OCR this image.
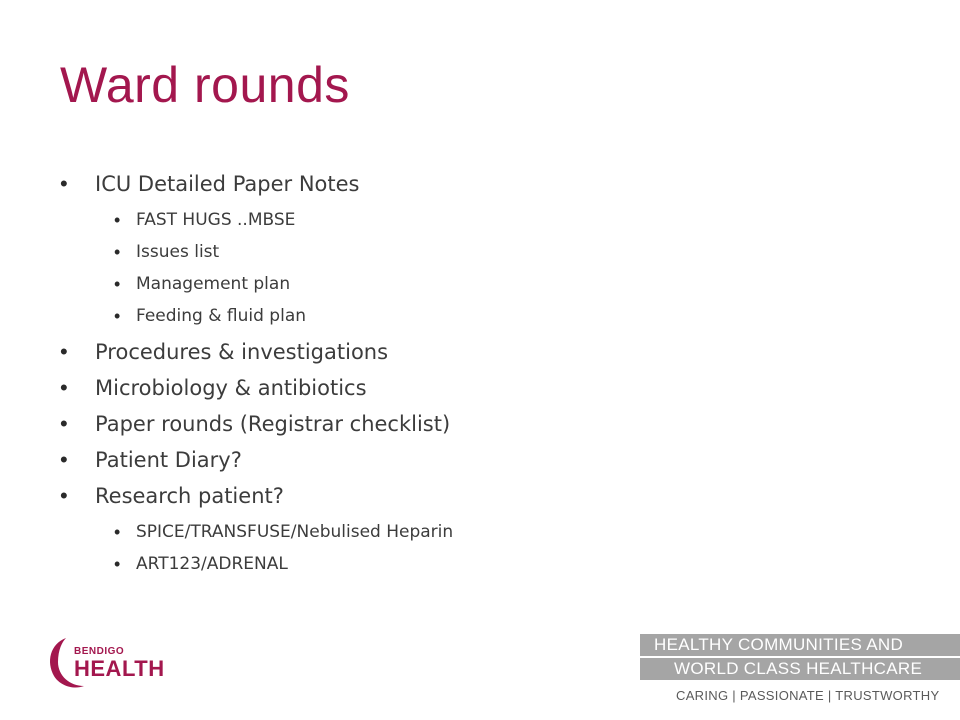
Ward rounds
• ICU Detailed Paper Notes
• FAST HUGS ..MBSE
• Issues list
• Management plan
• Feeding & fluid plan
• Procedures & investigations
• Microbiology & antibiotics
• Paper rounds (Registrar checklist)
• Patient Diary?
• Research patient?
• SPICE/TRANSFUSE/Nebulised Heparin
• ART123/ADRENAL
BENDIGO
HEALTH
HEALTHY COMMUNITIES AND
WORLD CLASS HEALTHCARE
CARING | PASSIONATE | TRUSTWORTHY
